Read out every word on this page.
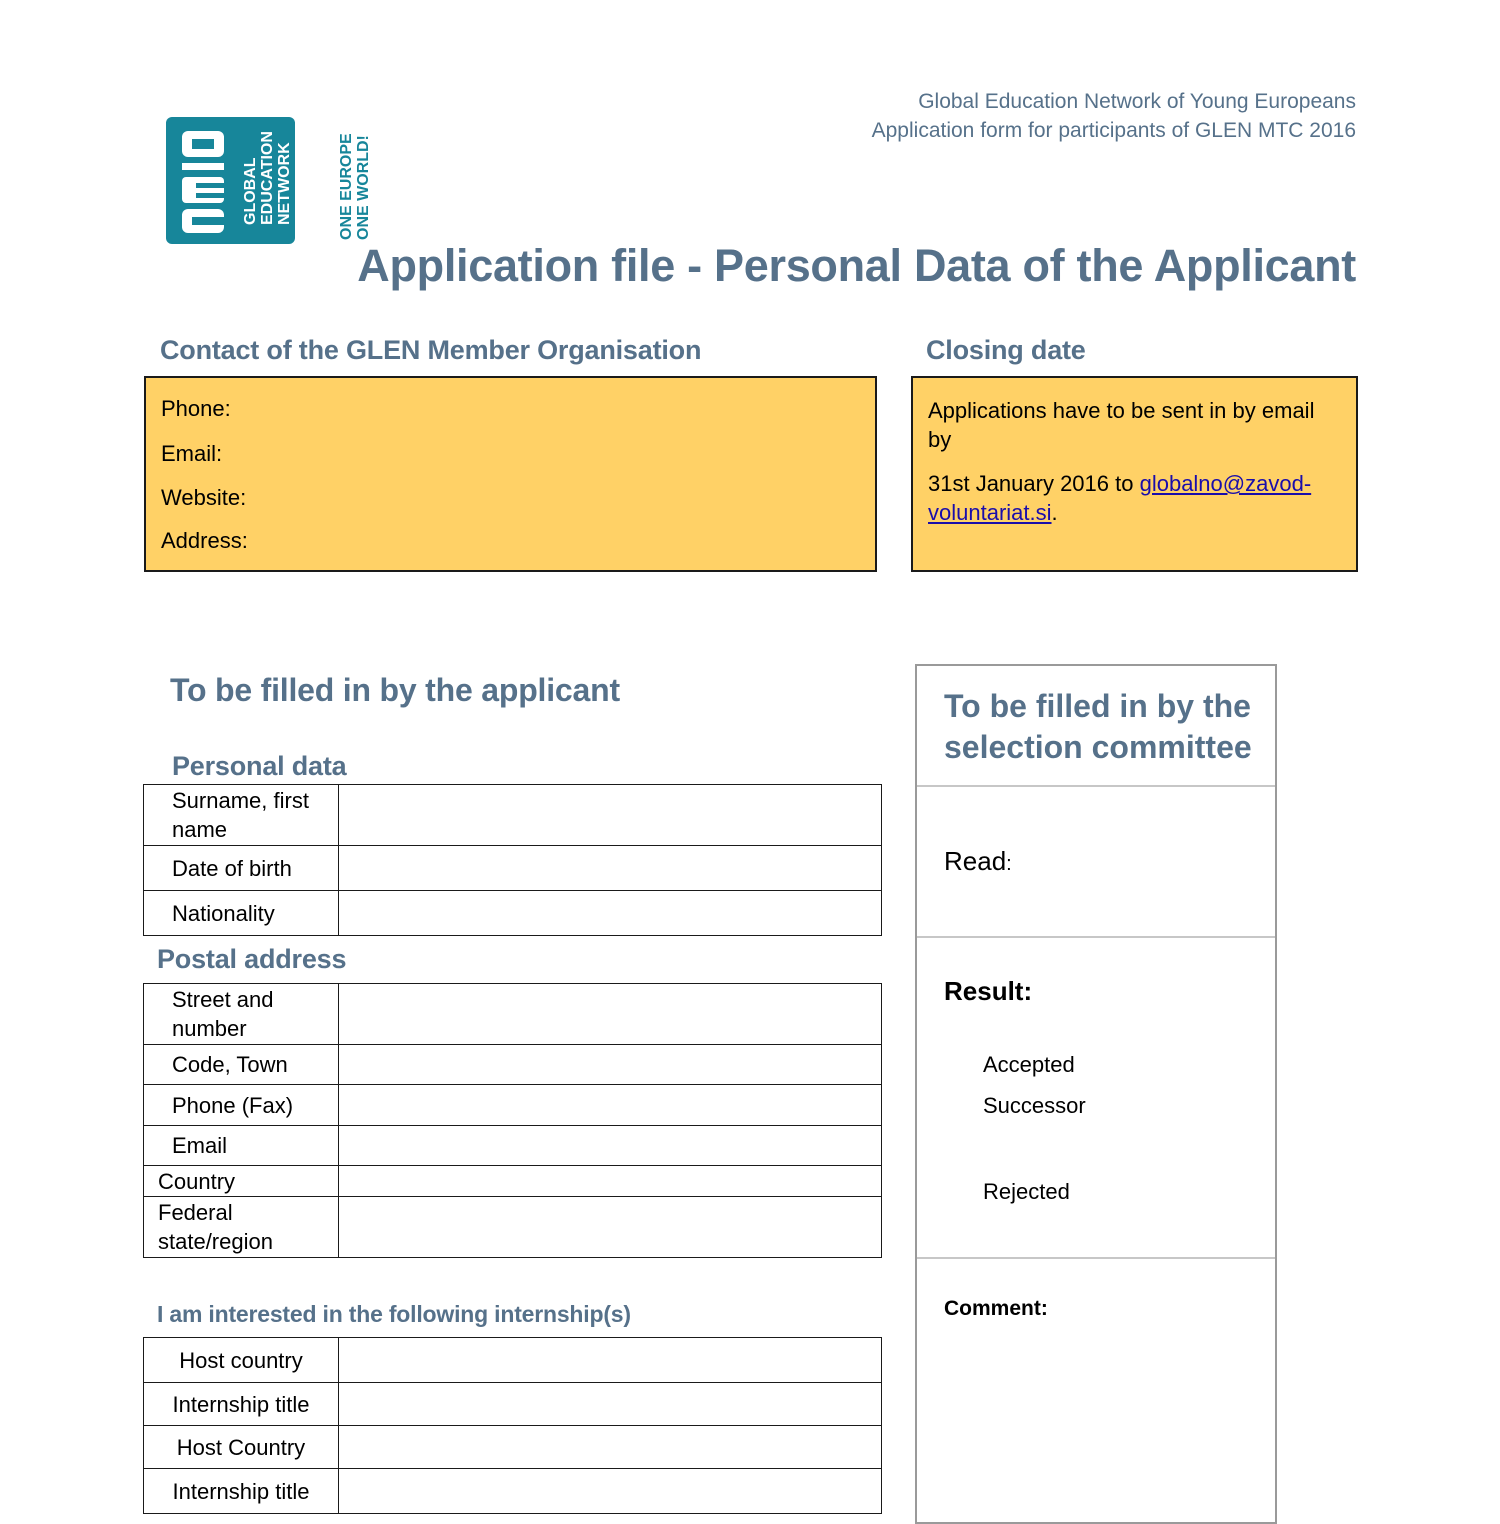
Global Education Network of Young Europeans
Application form for participants of GLEN MTC 2016
GLOBAL EDUCATION NETWORK	ONE EUROPE ONE WORLD!
Application file - Personal Data of the Applicant
Contact of the GLEN Member Organisation
Phone:
Email:
Website:
Address:
Closing date

Applications have to be sent in by email by

31st January 2016 to globalno@zavod-voluntariat.si.

To be filled in by the applicant
Personal data
Surname, first name	
Date of birth	
Nationality	
Postal address
Street and number	
Code, Town	
Phone (Fax)	
Email	
Country	
Federal state/region	
I am interested in the following internship(s)
Host country	
Internship title	
Host Country	
Internship title	
To be filled in by the selection committee
Read:
Result:
Accepted
Successor
Rejected
Comment:
